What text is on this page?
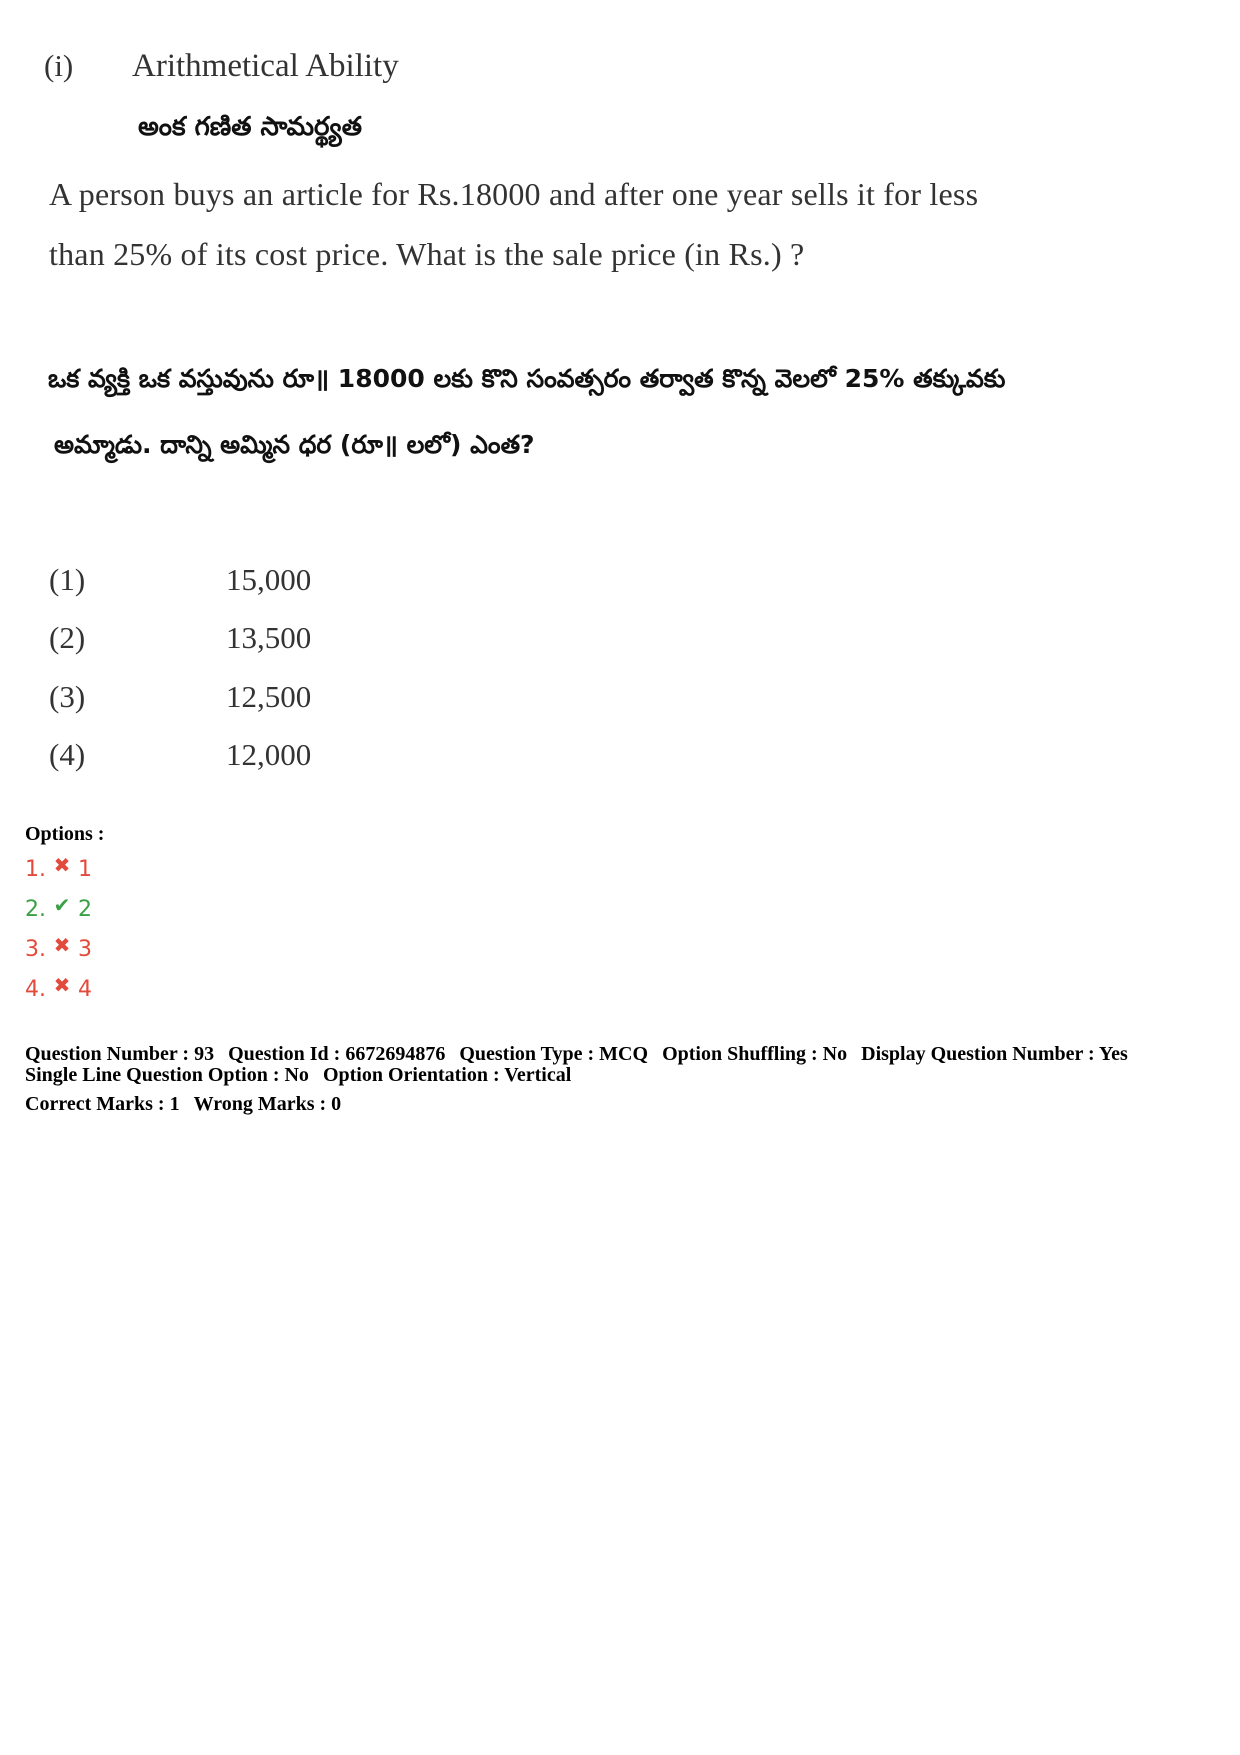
(i) Arithmetical Ability
అంక గణిత సామర్థ్యత
A person buys an article for Rs.18000 and after one year sells it for less
than 25% of its cost price. What is the sale price (in Rs.) ?
ఒక వ్యక్తి ఒక వస్తువును రూ॥ 18000 లకు కొని సంవత్సరం తర్వాత కొన్న వెలలో 25% తక్కువకు
అమ్మాడు. దాన్ని అమ్మిన ధర (రూ॥ లలో) ఎంత?
(1)	15,000
(2)	13,500
(3)	12,500
(4)	12,000
Options :
1. ✖ 1
2. ✔ 2
3. ✖ 3
4. ✖ 4
Question Number : 93 Question Id : 6672694876 Question Type : MCQ Option Shuffling : No Display Question Number : Yes
Single Line Question Option : No Option Orientation : Vertical
Correct Marks : 1 Wrong Marks : 0
